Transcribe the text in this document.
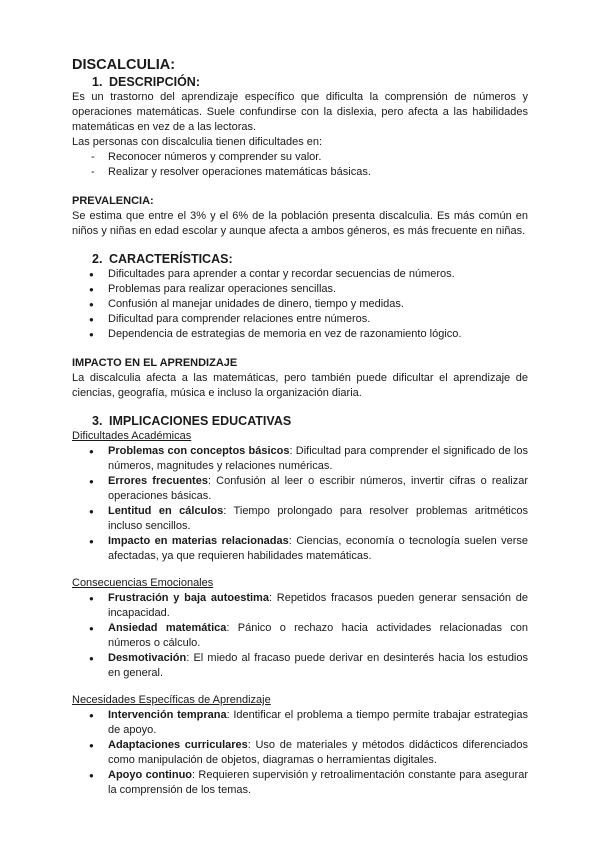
DISCALCULIA:
1. DESCRIPCIÓN:

Es un trastorno del aprendizaje específico que dificulta la comprensión de números y operaciones matemáticas. Suele confundirse con la dislexia, pero afecta a las habilidades matemáticas en vez de a las lectoras.

Las personas con discalculia tienen dificultades en:

- Reconocer números y comprender su valor.
- Realizar y resolver operaciones matemáticas básicas.

PREVALENCIA:

Se estima que entre el 3% y el 6% de la población presenta discalculia. Es más común en niños y niñas en edad escolar y aunque afecta a ambos géneros, es más frecuente en niñas.

2. CARACTERÍSTICAS:
● Dificultades para aprender a contar y recordar secuencias de números.
● Problemas para realizar operaciones sencillas.
● Confusión al manejar unidades de dinero, tiempo y medidas.
● Dificultad para comprender relaciones entre números.
● Dependencia de estrategias de memoria en vez de razonamiento lógico.

IMPACTO EN EL APRENDIZAJE

La discalculia afecta a las matemáticas, pero también puede dificultar el aprendizaje de ciencias, geografía, música e incluso la organización diaria.

3. IMPLICACIONES EDUCATIVAS

Dificultades Académicas

● Problemas con conceptos básicos: Dificultad para comprender el significado de los números, magnitudes y relaciones numéricas.
● Errores frecuentes: Confusión al leer o escribir números, invertir cifras o realizar operaciones básicas.
● Lentitud en cálculos: Tiempo prolongado para resolver problemas aritméticos incluso sencillos.
● Impacto en materias relacionadas: Ciencias, economía o tecnología suelen verse afectadas, ya que requieren habilidades matemáticas.

Consecuencias Emocionales

● Frustración y baja autoestima: Repetidos fracasos pueden generar sensación de incapacidad.
● Ansiedad matemática: Pánico o rechazo hacia actividades relacionadas con números o cálculo.
● Desmotivación: El miedo al fracaso puede derivar en desinterés hacia los estudios en general.

Necesidades Específicas de Aprendizaje

● Intervención temprana: Identificar el problema a tiempo permite trabajar estrategias de apoyo.
● Adaptaciones curriculares: Uso de materiales y métodos didácticos diferenciados como manipulación de objetos, diagramas o herramientas digitales.
● Apoyo continuo: Requieren supervisión y retroalimentación constante para asegurar la comprensión de los temas.
